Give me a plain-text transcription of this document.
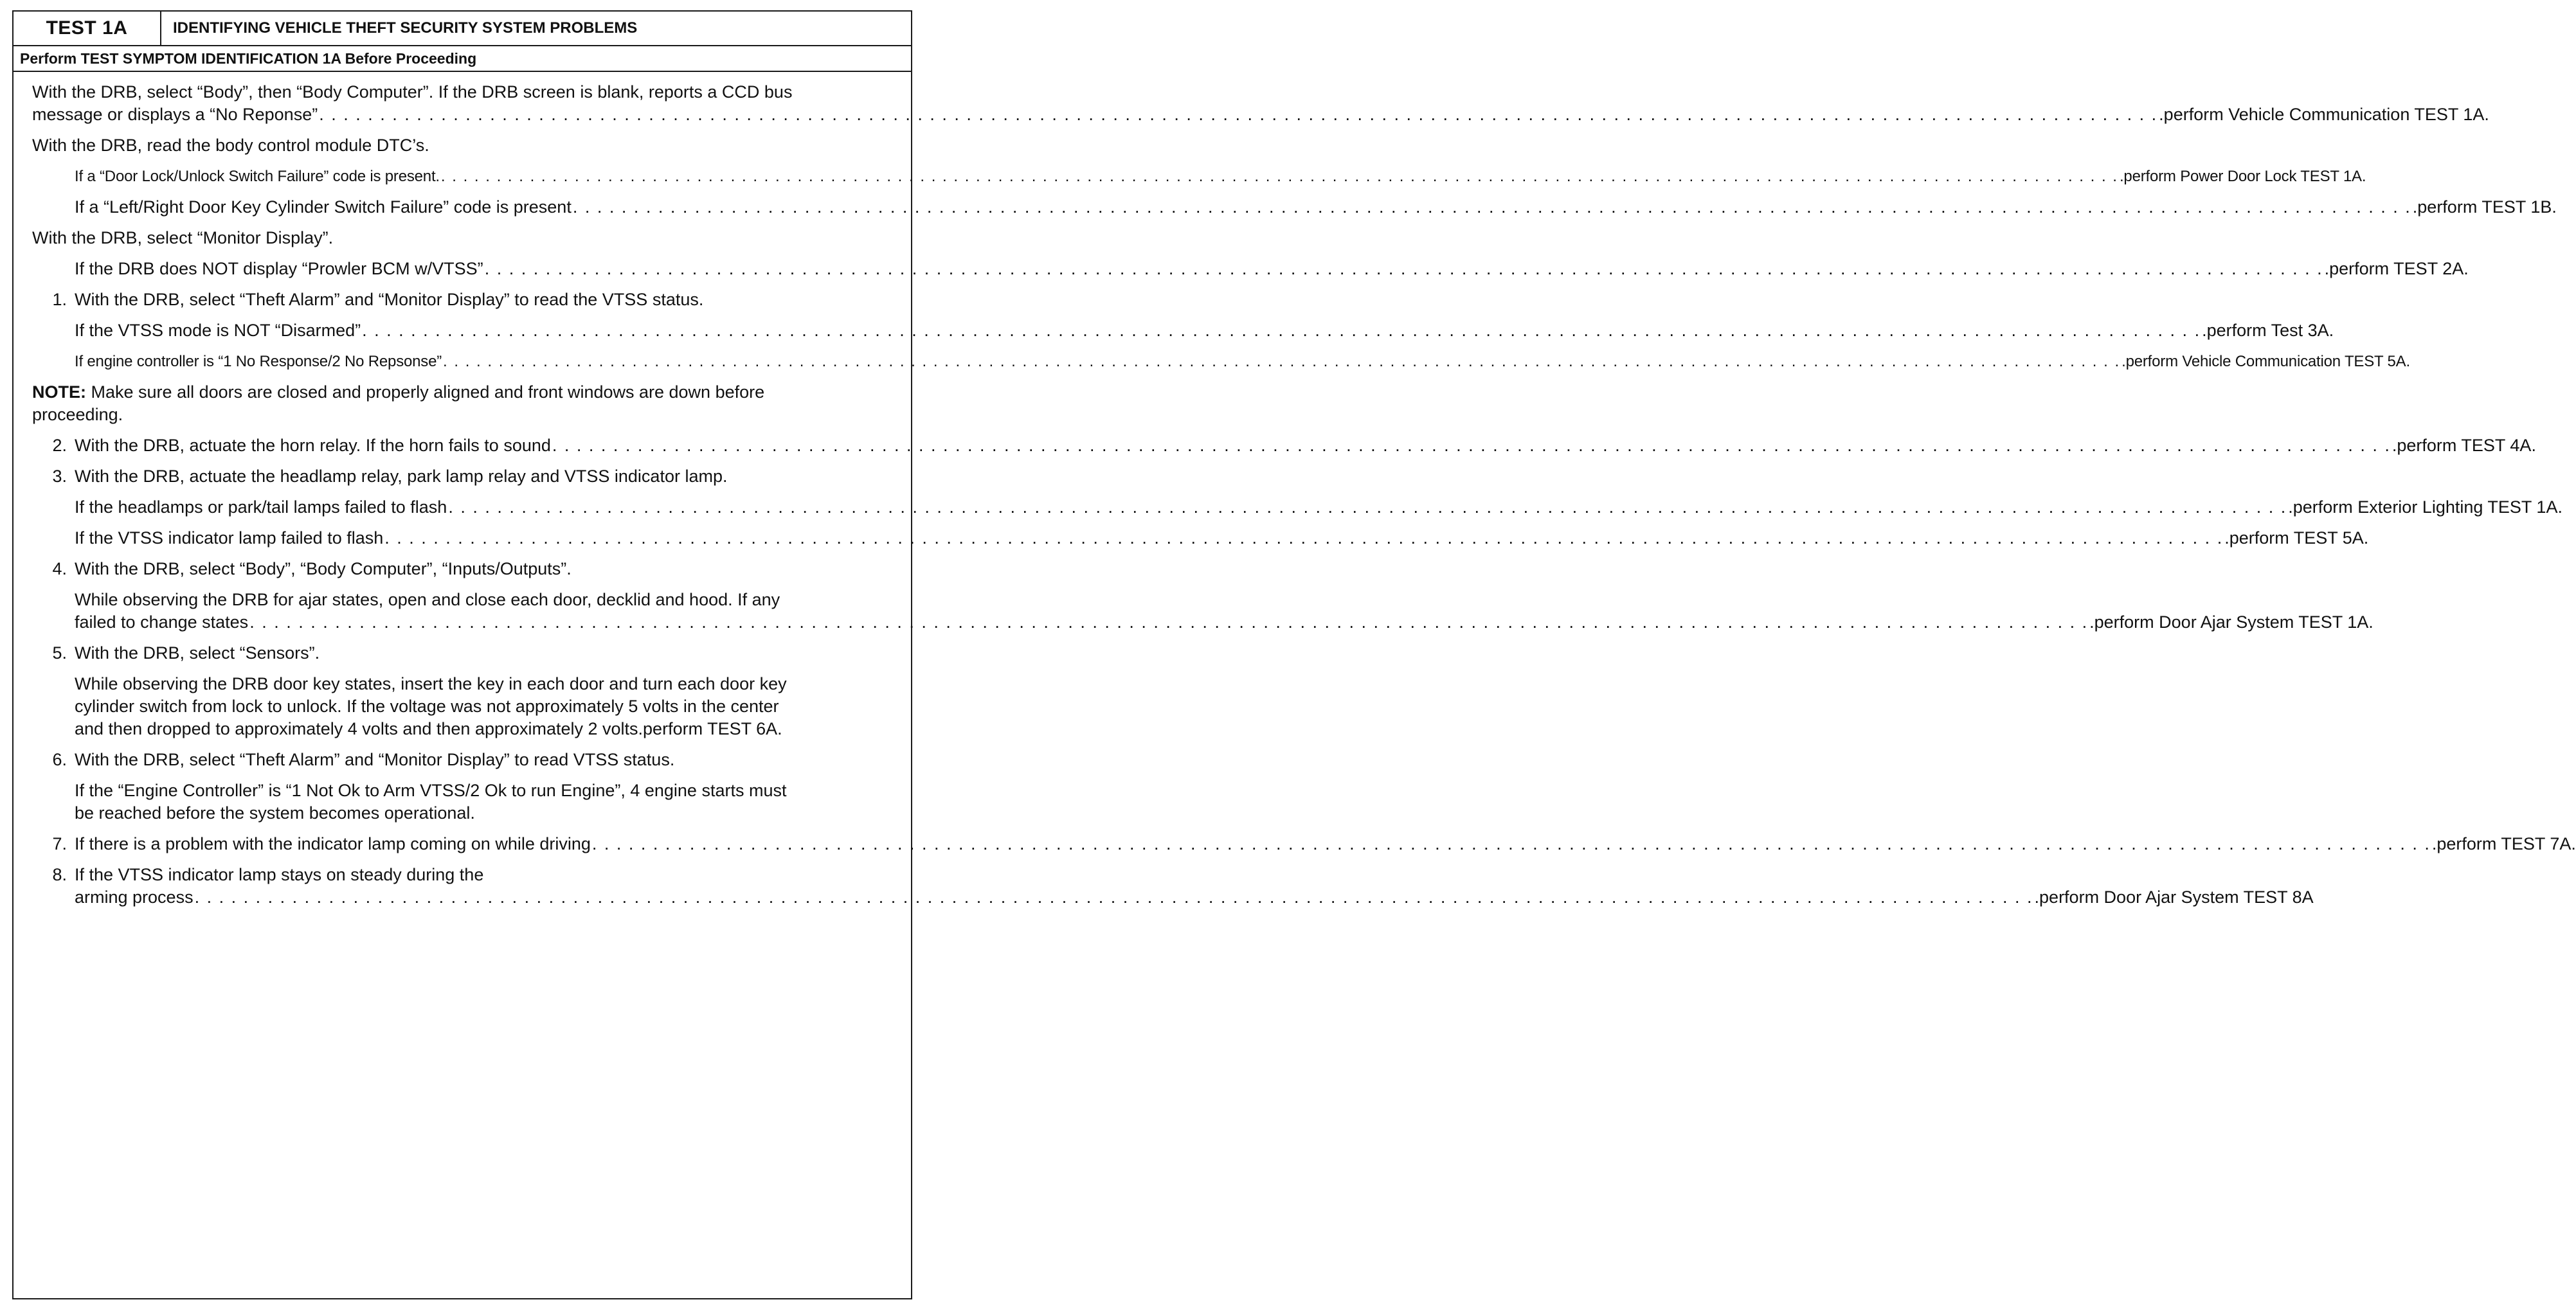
TEST 1A	IDENTIFYING VEHICLE THEFT SECURITY SYSTEM PROBLEMS
Perform TEST SYMPTOM IDENTIFICATION 1A Before Proceeding
With the DRB, select “Body”, then “Body Computer”. If the DRB screen is blank, reports a CCD bus
message or displays a “No Reponse” . . .	.perform Vehicle Communication TEST 1A.
With the DRB, read the body control module DTC’s.
If a “Door Lock/Unlock Switch Failure” code is present. . . .	.perform Power Door Lock TEST 1A.
If a “Left/Right Door Key Cylinder Switch Failure” code is present . . .	.perform TEST 1B.
With the DRB, select “Monitor Display”.
If the DRB does NOT display “Prowler BCM w/VTSS” . . .	.perform TEST 2A.
1. With the DRB, select “Theft Alarm” and “Monitor Display” to read the VTSS status.
If the VTSS mode is NOT “Disarmed” . . .	.perform Test 3A.
If engine controller is “1 No Response/2 No Repsonse” . . .	.perform Vehicle Communication TEST 5A.
NOTE: Make sure all doors are closed and properly aligned and front windows are down before
proceeding.
2. With the DRB, actuate the horn relay. If the horn fails to sound . . .	.perform TEST 4A.
3. With the DRB, actuate the headlamp relay, park lamp relay and VTSS indicator lamp.
If the headlamps or park/tail lamps failed to flash . . .	.perform Exterior Lighting TEST 1A.
If the VTSS indicator lamp failed to flash . . .	.perform TEST 5A.
4. With the DRB, select “Body”, “Body Computer”, “Inputs/Outputs”.
While observing the DRB for ajar states, open and close each door, decklid and hood. If any
failed to change states . . .	.perform Door Ajar System TEST 1A.
5. With the DRB, select “Sensors”.
While observing the DRB door key states, insert the key in each door and turn each door key
cylinder switch from lock to unlock. If the voltage was not approximately 5 volts in the center
and then dropped to approximately 4 volts and then approximately 2 volts.perform TEST 6A.
6. With the DRB, select “Theft Alarm” and “Monitor Display” to read VTSS status.
If the “Engine Controller” is “1 Not Ok to Arm VTSS/2 Ok to run Engine”, 4 engine starts must
be reached before the system becomes operational.
7. If there is a problem with the indicator lamp coming on while driving . . .	.perform TEST 7A.
8. If the VTSS indicator lamp stays on steady during the
arming process . . .	.perform Door Ajar System TEST 8A
